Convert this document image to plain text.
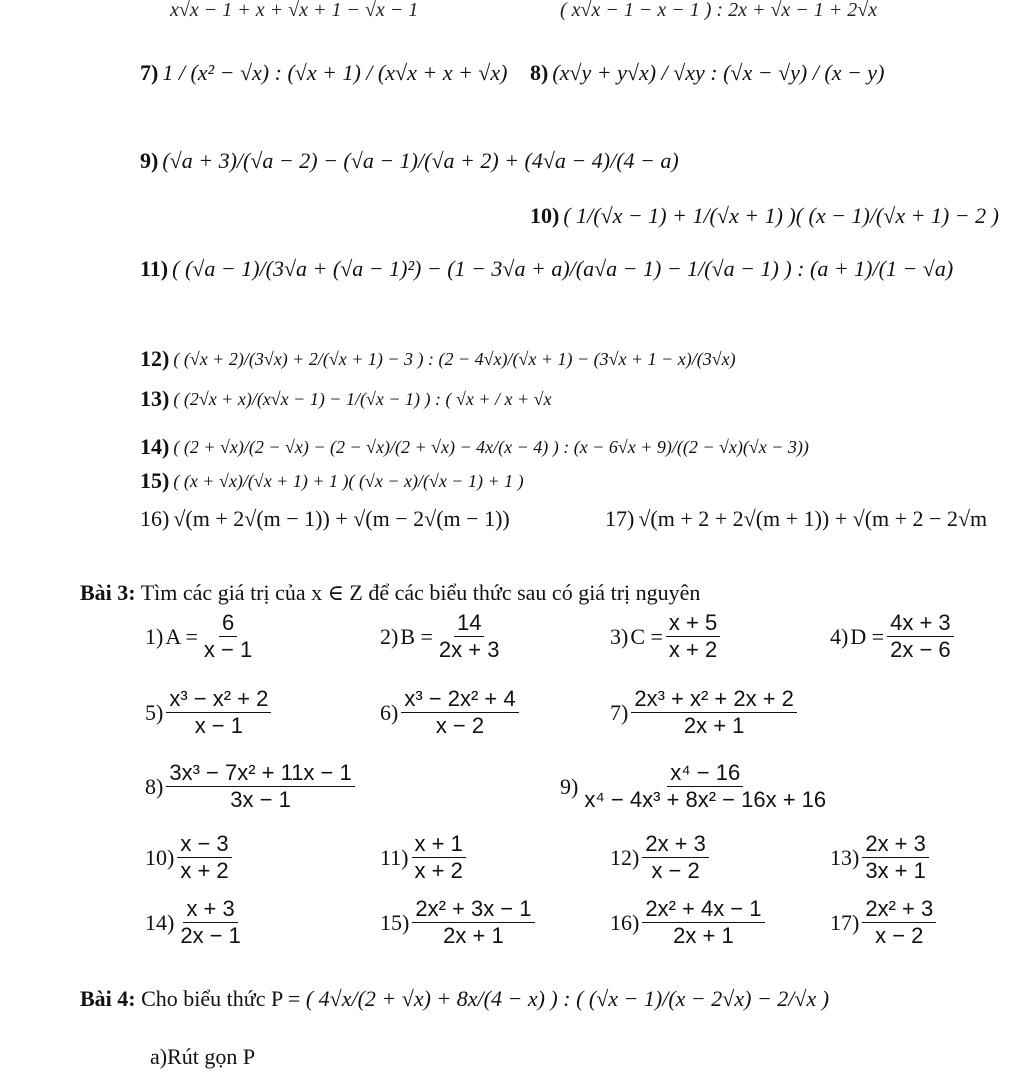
x√x − 1 + x + √x + 1 − √x − 1	( x√x − 1 − x − 1 ) : 2x + √x − 1 + 2√x
7) 1 / (x² − √x) : (√x + 1) / (x√x + x + √x) 8) (x√y + y√x) / √xy : (√x − √y) / (x − y)
9) (√a + 3)/(√a − 2) − (√a − 1)/(√a + 2) + (4√a − 4)/(4 − a)
10) ( 1/(√x − 1) + 1/(√x + 1) )( (x − 1)/(√x + 1) − 2 )
11) ( (√a − 1)/(3√a + (√a − 1)²) − (1 − 3√a + a)/(a√a − 1) − 1/(√a − 1) ) : (a + 1)/(1 − √a)
12) ( (√x + 2)/(3√x) + 2/(√x + 1) − 3 ) : (2 − 4√x)/(√x + 1) − (3√x + 1 − x)/(3√x)
13) ( (2√x + x)/(x√x − 1) − 1/(√x − 1) ) : ( √x + / x + √x
14) ( (2 + √x)/(2 − √x) − (2 − √x)/(2 + √x) − 4x/(x − 4) ) : (x − 6√x + 9)/((2 − √x)(√x − 3))
15) ( (x + √x)/(√x + 1) + 1 )( (√x − x)/(√x − 1) + 1 )
16) √(m + 2√(m − 1)) + √(m − 2√(m − 1))	17) √(m + 2 + 2√(m + 1)) + √(m + 2 − 2√m
Bài 3: Tìm các giá trị của x ∈ Z để các biểu thức sau có giá trị nguyên
1) $A = \frac{6}{x - 1}$	2) $B = \frac{14}{2x + 3}$	3) $C = \frac{x + 5}{x + 2}$	4) $D = \frac{4x + 3}{2x - 6}$
$5) \frac{\text{x³ − x² + 2}}{x - 1}$	$6) \frac{\text{x³ − 2x² + 4}}{x - 2}$	$7) \frac{\text{2x³ + x² + 2x + 2}}{2x + 1}$
$8) \frac{\text{3x³ − 7x² + 11x − 1}}{3x - 1}$	$9) \frac{\text{x⁴ − 16}}{\text{x⁴ − 4x³ + 8x² − 16x + 16}}$
$10) \frac{x - 3}{x + 2}$	$11) \frac{x + 1}{x + 2}$	$12) \frac{2x + 3}{x - 2}$	$13) \frac{2x + 3}{3x + 1}$
$14) \frac{x + 3}{2x - 1}$	$15) \frac{\text{2x² + 3x − 1}}{2x + 1}$	$16) \frac{\text{2x² + 4x − 1}}{2x + 1}$	$17) \frac{\text{2x² + 3}}{x - 2}$
Bài 4: Cho biểu thức P = ( 4√x/(2 + √x) + 8x/(4 − x) ) : ( (√x − 1)/(x − 2√x) − 2/√x )
a)Rút gọn P
